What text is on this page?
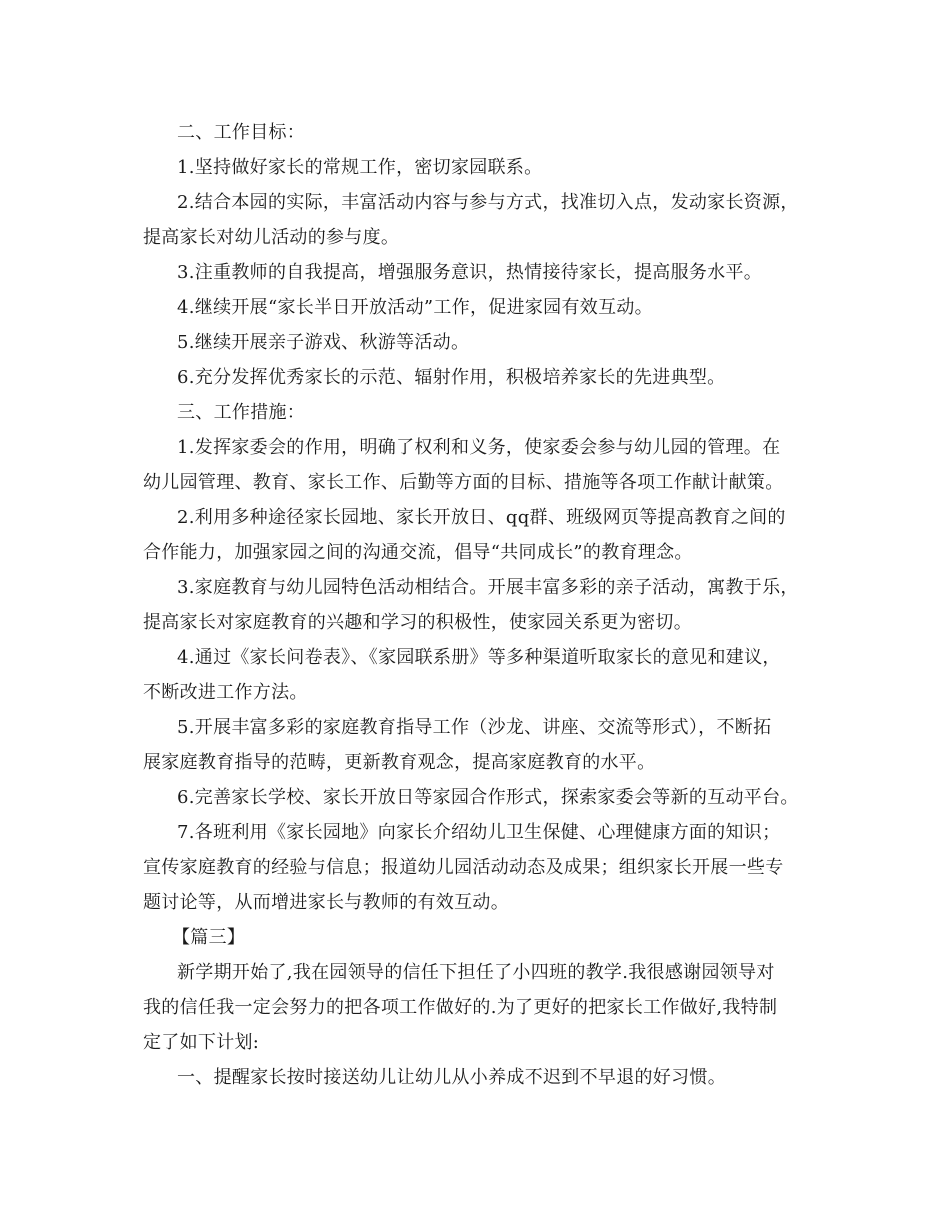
二、工作目标：
1.坚持做好家长的常规工作，密切家园联系。
2.结合本园的实际，丰富活动内容与参与方式，找准切入点，发动家长资源，
提高家长对幼儿活动的参与度。
3.注重教师的自我提高，增强服务意识，热情接待家长，提高服务水平。
4.继续开展“家长半日开放活动”工作，促进家园有效互动。
5.继续开展亲子游戏、秋游等活动。
6.充分发挥优秀家长的示范、辐射作用，积极培养家长的先进典型。
三、工作措施：
1.发挥家委会的作用，明确了权利和义务，使家委会参与幼儿园的管理。在
幼儿园管理、教育、家长工作、后勤等方面的目标、措施等各项工作献计献策。
2.利用多种途径家长园地、家长开放日、qq群、班级网页等提高教育之间的
合作能力，加强家园之间的沟通交流，倡导“共同成长”的教育理念。
3.家庭教育与幼儿园特色活动相结合。开展丰富多彩的亲子活动，寓教于乐，
提高家长对家庭教育的兴趣和学习的积极性，使家园关系更为密切。
4.通过《家长问卷表》、《家园联系册》等多种渠道听取家长的意见和建议，
不断改进工作方法。
5.开展丰富多彩的家庭教育指导工作（沙龙、讲座、交流等形式），不断拓
展家庭教育指导的范畴，更新教育观念，提高家庭教育的水平。
6.完善家长学校、家长开放日等家园合作形式，探索家委会等新的互动平台。
7.各班利用《家长园地》向家长介绍幼儿卫生保健、心理健康方面的知识；
宣传家庭教育的经验与信息；报道幼儿园活动动态及成果；组织家长开展一些专
题讨论等，从而增进家长与教师的有效互动。
【篇三】
新学期开始了,我在园领导的信任下担任了小四班的教学.我很感谢园领导对
我的信任我一定会努力的把各项工作做好的.为了更好的把家长工作做好,我特制
定了如下计划:
一、提醒家长按时接送幼儿让幼儿从小养成不迟到不早退的好习惯。
